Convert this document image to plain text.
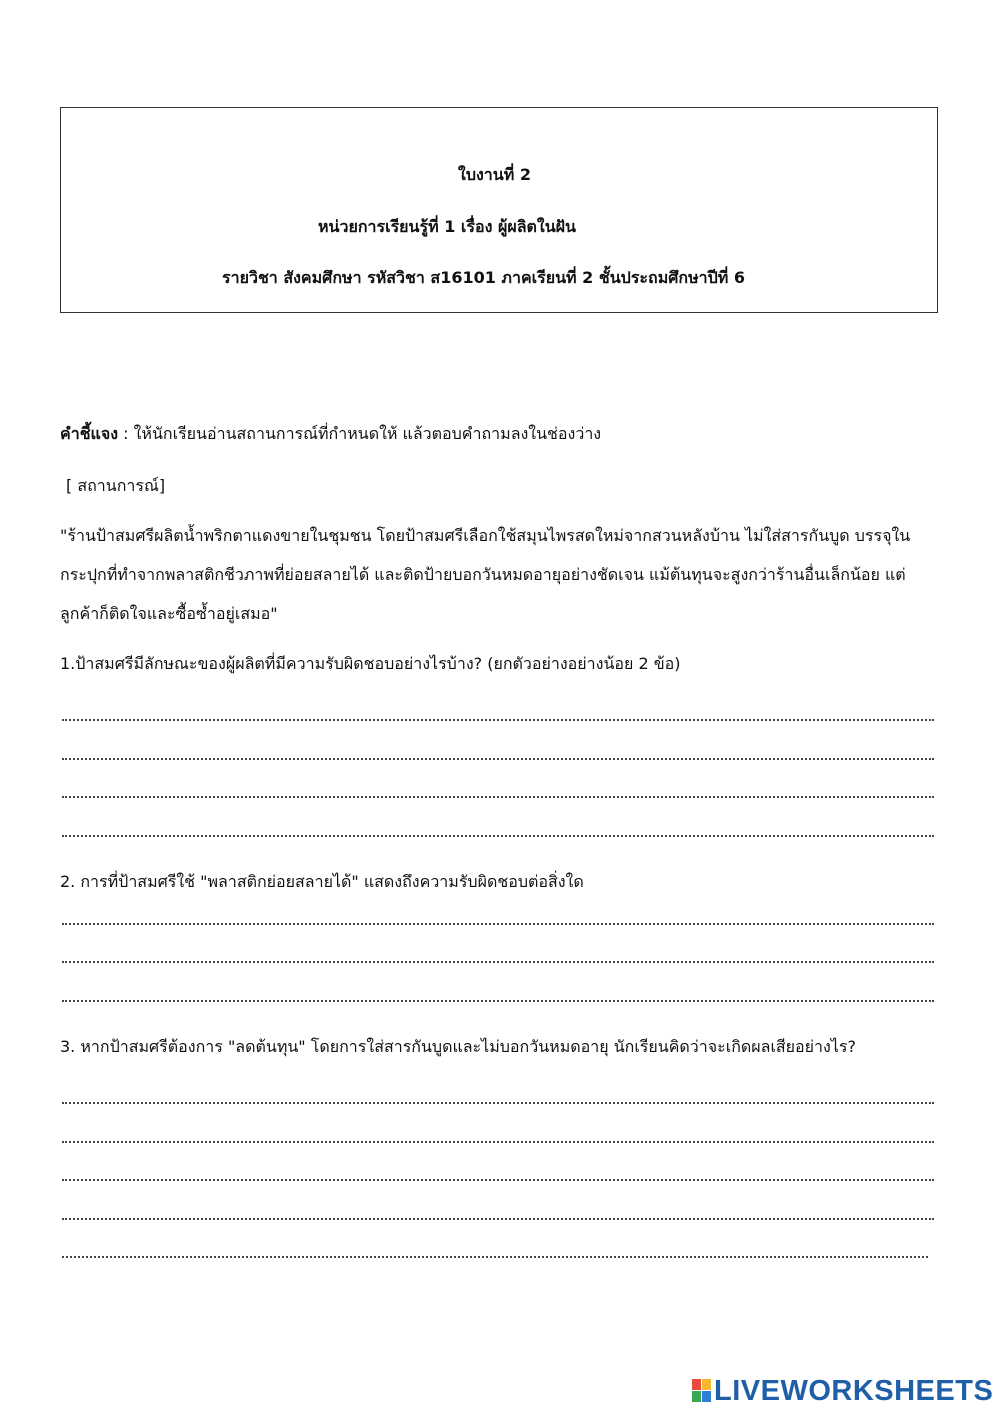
ใบงานที่ 2
หน่วยการเรียนรู้ที่ 1 เรื่อง ผู้ผลิตในฝัน
รายวิชา สังคมศึกษา รหัสวิชา ส16101 ภาคเรียนที่ 2 ชั้นประถมศึกษาปีที่ 6
คำชี้แจง : ให้นักเรียนอ่านสถานการณ์ที่กำหนดให้ แล้วตอบคำถามลงในช่องว่าง
[ สถานการณ์]
"ร้านป้าสมศรีผลิตน้ำพริกตาแดงขายในชุมชน โดยป้าสมศรีเลือกใช้สมุนไพรสดใหม่จากสวนหลังบ้าน ไม่ใส่สารกันบูด บรรจุใน
กระปุกที่ทำจากพลาสติกชีวภาพที่ย่อยสลายได้ และติดป้ายบอกวันหมดอายุอย่างชัดเจน แม้ต้นทุนจะสูงกว่าร้านอื่นเล็กน้อย แต่
ลูกค้าก็ติดใจและซื้อซ้ำอยู่เสมอ"
1.ป้าสมศรีมีลักษณะของผู้ผลิตที่มีความรับผิดชอบอย่างไรบ้าง? (ยกตัวอย่างอย่างน้อย 2 ข้อ)
2. การที่ป้าสมศรีใช้ "พลาสติกย่อยสลายได้" แสดงถึงความรับผิดชอบต่อสิ่งใด
3. หากป้าสมศรีต้องการ "ลดต้นทุน" โดยการใส่สารกันบูดและไม่บอกวันหมดอายุ นักเรียนคิดว่าจะเกิดผลเสียอย่างไร?
LIVEWORKSHEETS
